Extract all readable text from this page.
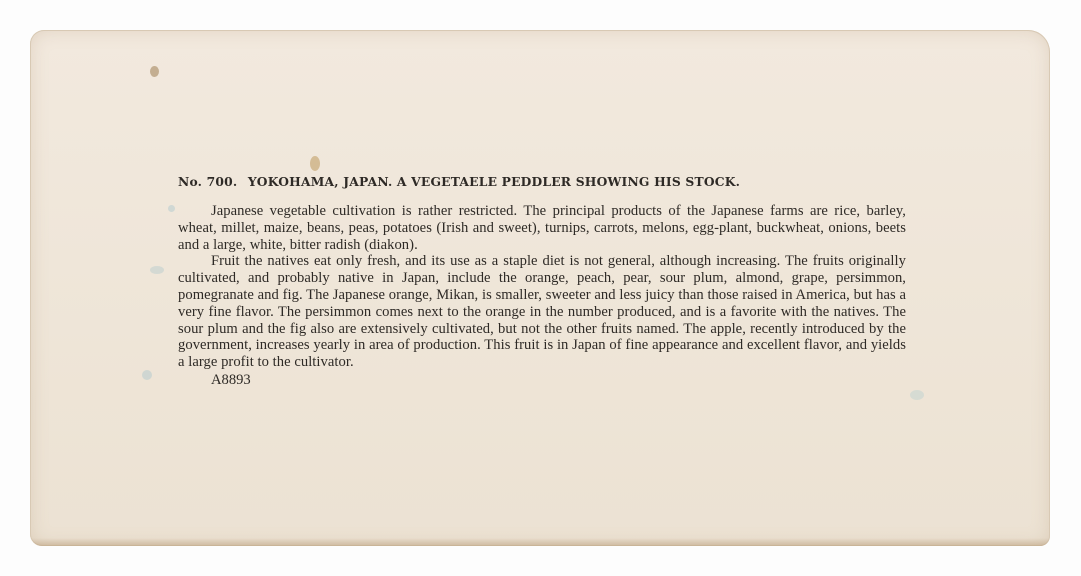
No. 700. YOKOHAMA, JAPAN. A VEGETAELE PEDDLER SHOWING HIS STOCK.

Japanese vegetable cultivation is rather restricted. The principal products of the Japanese farms are rice, barley, wheat, millet, maize, beans, peas, potatoes (Irish and sweet), turnips, carrots, melons, egg-plant, buckwheat, onions, beets and a large, white, bitter radish (diakon).

Fruit the natives eat only fresh, and its use as a staple diet is not general, although increasing. The fruits originally cultivated, and probably native in Japan, include the orange, peach, pear, sour plum, almond, grape, persimmon, pomegranate and fig. The Japanese orange, Mikan, is smaller, sweeter and less juicy than those raised in America, but has a very fine flavor. The persimmon comes next to the orange in the number produced, and is a favorite with the natives. The sour plum and the fig also are extensively cultivated, but not the other fruits named. The apple, recently introduced by the government, increases yearly in area of production. This fruit is in Japan of fine appearance and excellent flavor, and yields a large profit to the cultivator.

A8893
